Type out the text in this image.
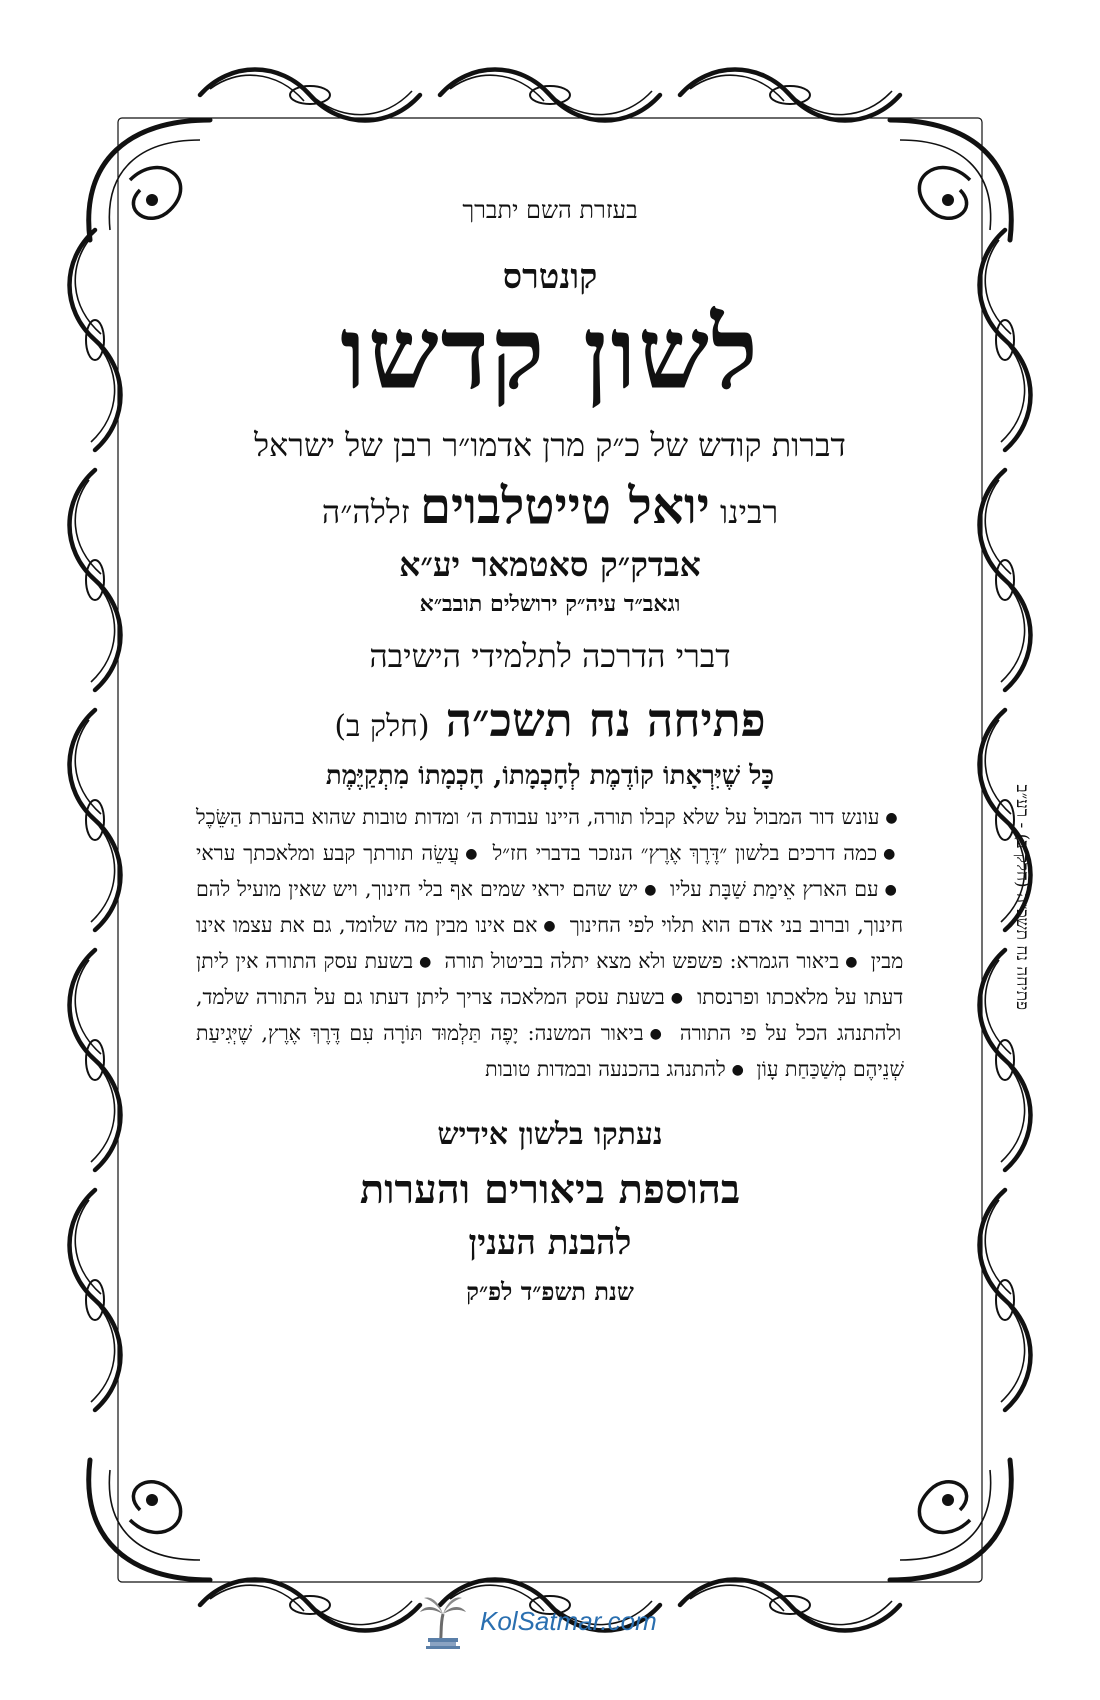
בעזרת השם יתברך
קונטרס
לשון קדשו
דברות קודש של כ״ק מרן אדמו״ר רבן של ישראל
רבינו יואל טייטלבוים זללה״ה
אבדק״ק סאטמאר יע״א
וגאב״ד עיה״ק ירושלים תובב״א
דברי הדרכה לתלמידי הישיבה
פתיחה נח תשכ״ה (חלק ב)
כָּל שֶׁיִּרְאָתוֹ קוֹדֶמֶת לְחָכְמָתוֹ, חָכְמָתוֹ מִתְקַיֶּמֶת
●עונש דור המבול על שלא קבלו תורה, היינו עבודת ה׳ ומדות טובות שהוא בהערת הַשֵּׂכֶל ●כמה דרכים בלשון ״דֶּרֶךְ אֶרֶץ״ הנזכר בדברי חז״ל ●עֲשֵׂה תורתך קבע ומלאכתך עראי ●עם הארץ אֵימַת שַׁבָּת עליו ●יש שהם יראי שמים אף בלי חינוך, ויש שאין מועיל להם חינוך, וברוב בני אדם הוא תלוי לפי החינוך ●אם אינו מבין מה שלומד, גם את עצמו אינו מבין ●ביאור הגמרא: פשפש ולא מצא יתלה בביטול תורה ●בשעת עסק התורה אין ליתן דעתו על מלאכתו ופרנסתו ●בשעת עסק המלאכה צריך ליתן דעתו גם על התורה שלמד, ולהתנהג הכל על פי התורה ●ביאור המשנה: יָפֶה תַּלְמוּד תּוֹרָה עִם דֶּרֶךְ אֶרֶץ, שֶׁיְּגִיעַת שְׁנֵיהֶם מְשַׁכַּחַת עָוֹן ●להתנהג בהכנעה ובמדות טובות
נעתקו בלשון אידיש
בהוספת ביאורים והערות
להבנת הענין
שנת תשפ״ד לפ״ק
פתיחה נח תשכ״ה (חלק ב) - רע״ב
KolSatmar.com
